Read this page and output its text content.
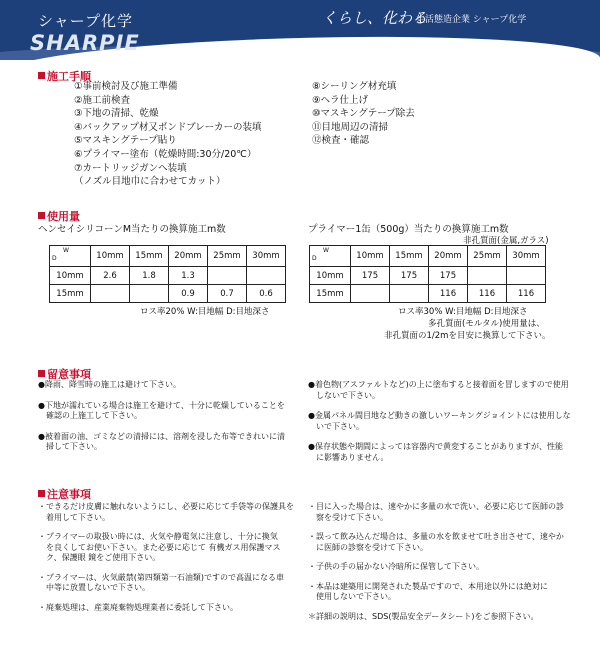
シャープ化学
SHARPIE
くらし、化わる
生活態造企業 シャープ化学
施工手順
①事前検討及び施工準備
②施工前検査
③下地の清掃、乾燥
④バックアップ材又ボンドブレーカーの装填
⑤マスキングテープ貼り
⑥プライマー塗布（乾燥時間:30分/20℃）
⑦カートリッジガンへ装填
（ノズル目地巾に合わせてカット）
⑧シーリング材充填
⑨ヘラ仕上げ
⑩マスキングテープ除去
⑪目地周辺の清掃
⑫検査・確認
使用量
ヘンセイシリコーンM当たりの換算施工m数
W
D	10mm	15mm	20mm	25mm	30mm
10mm	2.6	1.8	1.3		
15mm			0.9	0.7	0.6
ロス率20% W:目地幅 D:目地深さ
プライマー1缶（500g）当たりの換算施工m数
非孔質面(金属,ガラス)
W
D	10mm	15mm	20mm	25mm	30mm
10mm	175	175	175		
15mm			116	116	116
ロス率30% W:目地幅 D:目地深さ
多孔質面(モルタル)使用量は、
非孔質面の1/2mを目安に換算して下さい。
留意事項
●降雨、降雪時の施工は避けて下さい。
●下地が濡れている場合は施工を避けて、十分に乾燥していることを
　確認の上施工して下さい。
●被着面の油、ゴミなどの清掃には、溶剤を浸した布等できれいに清
　掃して下さい。
●着色物(アスファルトなど)の上に塗布すると接着面を冒しますので使用
　しないで下さい。
●金属パネル間目地など動きの激しいワーキングジョイントには使用しな
　いで下さい。
●保存状態や期間によっては容器内で黄変することがありますが、性能
　に影響ありません。
注意事項
・できるだけ皮膚に触れないようにし、必要に応じて手袋等の保護具を
　着用して下さい。
・プライマーの取扱い時には、火気や静電気に注意し、十分に換気
　を良くしてお使い下さい。また必要に応じて 有機ガス用保護マス
　ク、保護眼 鏡をご使用下さい。
・プライマーは、火気厳禁(第四類第一石油類)ですので高温になる車
　中等に放置しないで下さい。
・廃棄処理は、産業廃棄物処理業者に委託して下さい。
・目に入った場合は、速やかに多量の水で洗い、必要に応じて医師の診
　察を受けて下さい。
・誤って飲み込んだ場合は、多量の水を飲ませて吐き出させて、速やか
　に医師の診察を受けて下さい。
・子供の手の届かない冷暗所に保管して下さい。
・本品は建築用に開発された製品ですので、本用途以外には絶対に
　使用しないで下さい。
＊詳細の説明は、SDS(製品安全データシート)をご参照下さい。
